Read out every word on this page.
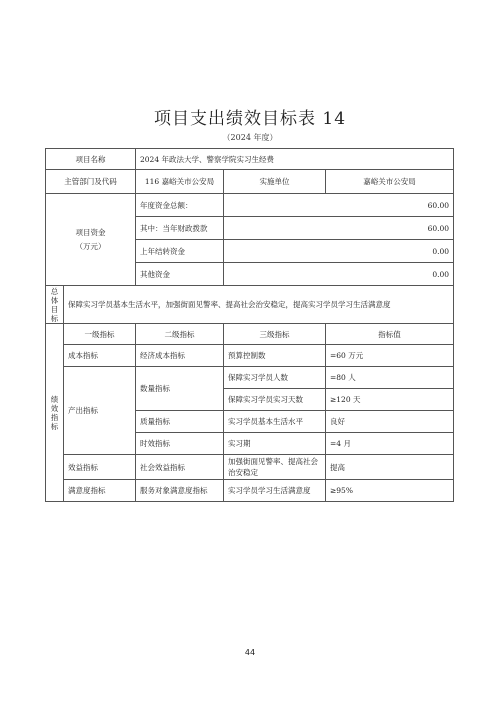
项目支出绩效目标表 14
（2024 年度）
项目名称		2024 年政法大学、警察学院实习生经费		
主管部门及代码		116 嘉峪关市公安局	实施单位	嘉峪关市公安局

项目资金
（万元）		年度资金总额：	60.00	
		其中：当年财政拨款	60.00	
		上年结转资金	0.00	
		其他资金	0.00	

总
体
目
标	保障实习学员基本生活水平，加强街面见警率、提高社会治安稳定，提高实习学员学习生活满意度			

绩
效
指
标	一级指标	二级指标	三级指标	指标值
	成本指标	经济成本指标	预算控制数	=60 万元
	产出指标	数量指标	保障实习学员人数	=80 人
			保障实习学员实习天数	≥120 天
		质量指标	实习学员基本生活水平	良好
		时效指标	实习期	=4 月
	效益指标	社会效益指标	加强街面见警率、提高社会治安稳定	提高
	满意度指标	服务对象满意度指标	实习学员学习生活满意度	≥95%
44
